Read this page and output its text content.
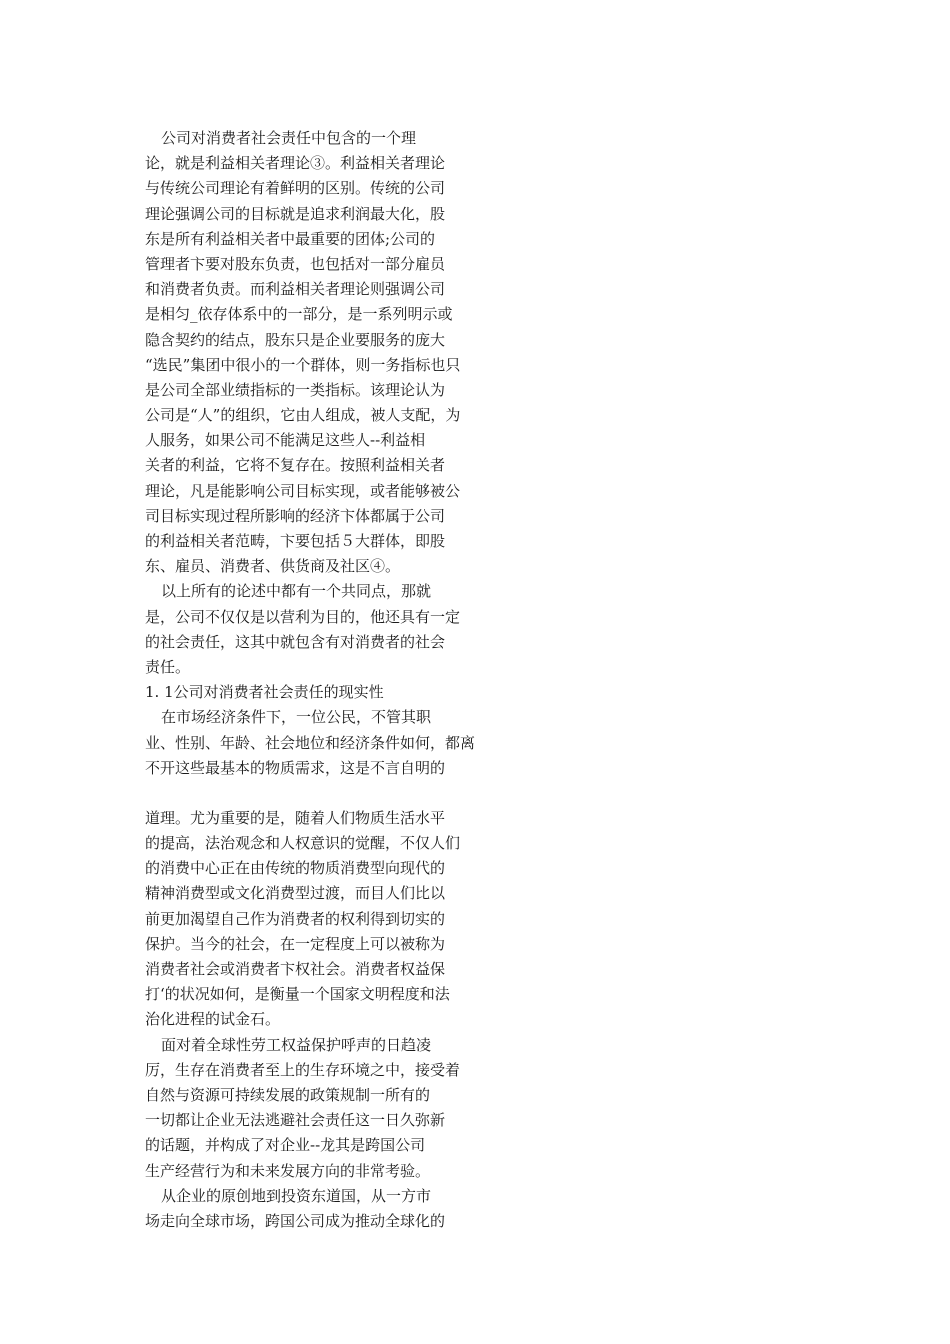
公司对消费者社会责任中包含的一个理
论，就是利益相关者理论③。利益相关者理论
与传统公司理论有着鲜明的区别。传统的公司
理论强调公司的目标就是追求利润最大化，股
东是所有利益相关者中最重要的团体;公司的
管理者卞要对股东负责，也包括对一部分雇员
和消费者负责。而利益相关者理论则强调公司
是相匀_依存体系中的一部分，是一系列明示或
隐含契约的结点，股东只是企业要服务的庞大
“选民”集团中很小的一个群体，则一务指标也只
是公司全部业绩指标的一类指标。该理论认为
公司是“人”的组织，它由人组成，被人支配，为
人服务，如果公司不能满足这些人--利益相
关者的利益，它将不复存在。按照利益相关者
理论，凡是能影响公司目标实现，或者能够被公
司目标实现过程所影响的经济卞体都属于公司
的利益相关者范畴，卞要包括５大群体，即股
东、雇员、消费者、供货商及社区④。
以上所有的论述中都有一个共同点，那就
是，公司不仅仅是以营利为目的，他还具有一定
的社会责任，这其中就包含有对消费者的社会
责任。
1. 1公司对消费者社会责任的现实性
在市场经济条件下，一位公民，不管其职
业、性别、年龄、社会地位和经济条件如何，都离
不开这些最基本的物质需求，这是不言自明的
道理。尤为重要的是，随着人们物质生活水平
的提高，法治观念和人权意识的觉醒，不仅人们
的消费中心正在由传统的物质消费型向现代的
精神消费型或文化消费型过渡，而目人们比以
前更加渴望自己作为消费者的权利得到切实的
保护。当今的社会，在一定程度上可以被称为
消费者社会或消费者卞权社会。消费者权益保
打‘的状况如何，是衡量一个国家文明程度和法
治化进程的试金石。
面对着全球性劳工权益保护呼声的日趋凌
厉，生存在消费者至上的生存环境之中，接受着
自然与资源可持续发展的政策规制一所有的
一切都让企业无法逃避社会责任这一日久弥新
的话题，并构成了对企业--龙其是跨国公司
生产经营行为和未来发展方向的非常考验。
从企业的原创地到投资东道国，从一方市
场走向全球市场，跨国公司成为推动全球化的
